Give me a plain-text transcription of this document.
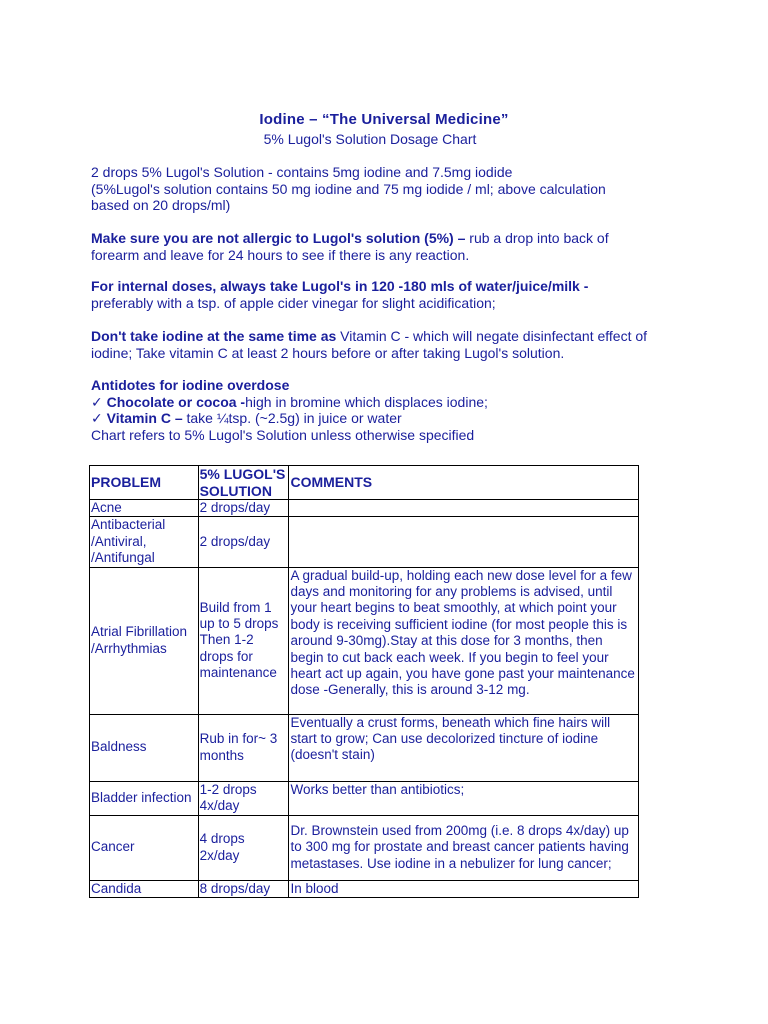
Iodine – “The Universal Medicine”
5% Lugol's Solution Dosage Chart
2 drops 5% Lugol's Solution - contains 5mg iodine and 7.5mg iodide
(5%Lugol's solution contains 50 mg iodine and 75 mg iodide / ml; above calculation
based on 20 drops/ml)
Make sure you are not allergic to Lugol's solution (5%) – rub a drop into back of forearm and leave for 24 hours to see if there is any reaction.
For internal doses, always take Lugol's in 120 -180 mls of water/juice/milk - preferably with a tsp. of apple cider vinegar for slight acidification;
Don't take iodine at the same time as Vitamin C - which will negate disinfectant effect of iodine; Take vitamin C at least 2 hours before or after taking Lugol's solution.
Antidotes for iodine overdose
✓ Chocolate or cocoa -high in bromine which displaces iodine;
✓ Vitamin C – take ¼tsp. (~2.5g) in juice or water
Chart refers to 5% Lugol's Solution unless otherwise specified
PROBLEM	5% LUGOL'S SOLUTION	COMMENTS
Acne	2 drops/day	
Antibacterial /Antiviral, /Antifungal	2 drops/day	
Atrial Fibrillation /Arrhythmias	Build from 1 up to 5 drops Then 1-2 drops for maintenance	A gradual build-up, holding each new dose level for a few days and monitoring for any problems is advised, until your heart begins to beat smoothly, at which point your body is receiving sufficient iodine (for most people this is around 9-30mg).Stay at this dose for 3 months, then begin to cut back each week. If you begin to feel your heart act up again, you have gone past your maintenance dose -Generally, this is around 3-12 mg.
Baldness	Rub in for~ 3 months	Eventually a crust forms, beneath which fine hairs will start to grow; Can use decolorized tincture of iodine (doesn't stain)
Bladder infection	1-2 drops 4x/day	Works better than antibiotics;
Cancer	4 drops 2x/day	Dr. Brownstein used from 200mg (i.e. 8 drops 4x/day) up to 300 mg for prostate and breast cancer patients having metastases. Use iodine in a nebulizer for lung cancer;
Candida	8 drops/day	In blood
